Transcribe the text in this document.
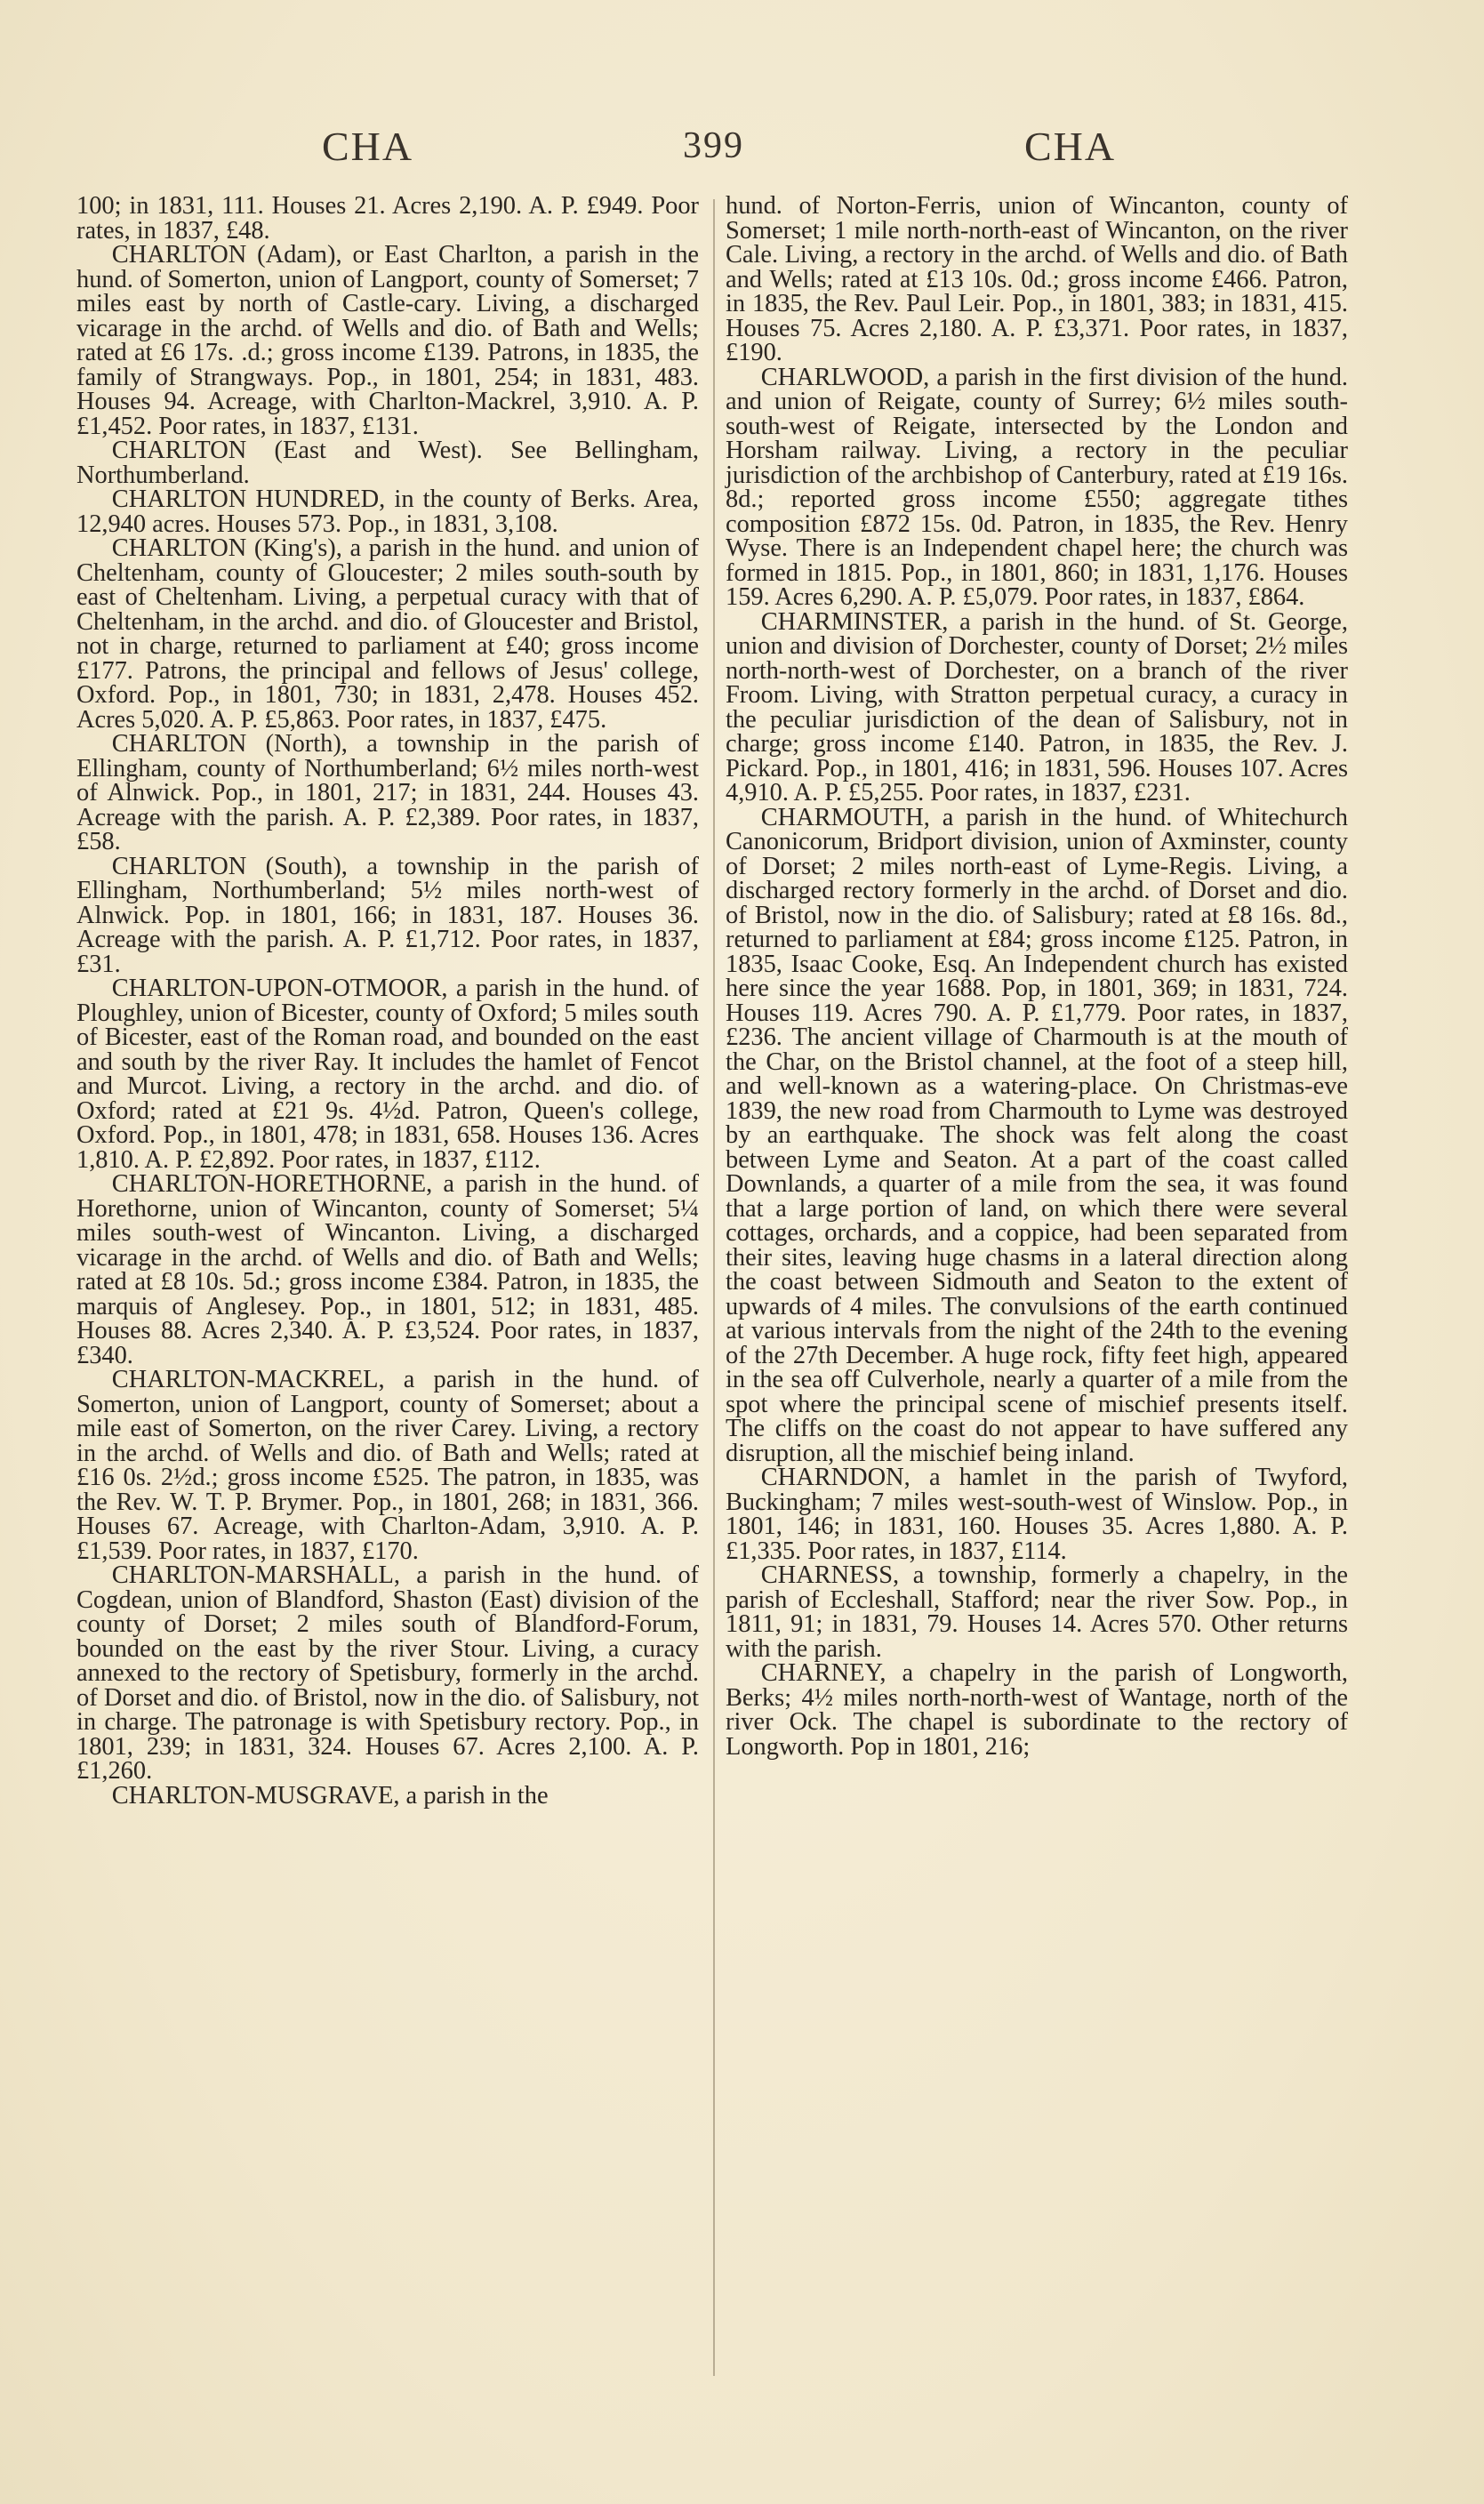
CHA	399	CHA

100; in 1831, 111. Houses 21. Acres 2,190. A. P. £949. Poor rates, in 1837, £48.

CHARLTON (Adam), or East Charlton, a parish in the hund. of Somerton, union of Langport, county of Somerset; 7 miles east by north of Castle-cary. Living, a discharged vicarage in the archd. of Wells and dio. of Bath and Wells; rated at £6 17s. .d.; gross income £139. Patrons, in 1835, the family of Strangways. Pop., in 1801, 254; in 1831, 483. Houses 94. Acreage, with Charlton-Mackrel, 3,910. A. P. £1,452. Poor rates, in 1837, £131.

CHARLTON (East and West). See Bellingham, Northumberland.

CHARLTON HUNDRED, in the county of Berks. Area, 12,940 acres. Houses 573. Pop., in 1831, 3,108.

CHARLTON (King's), a parish in the hund. and union of Cheltenham, county of Gloucester; 2 miles south-south by east of Cheltenham. Living, a perpetual curacy with that of Cheltenham, in the archd. and dio. of Gloucester and Bristol, not in charge, returned to parliament at £40; gross income £177. Patrons, the principal and fellows of Jesus' college, Oxford. Pop., in 1801, 730; in 1831, 2,478. Houses 452. Acres 5,020. A. P. £5,863. Poor rates, in 1837, £475.

CHARLTON (North), a township in the parish of Ellingham, county of Northumberland; 6½ miles north-west of Alnwick. Pop., in 1801, 217; in 1831, 244. Houses 43. Acreage with the parish. A. P. £2,389. Poor rates, in 1837, £58.

CHARLTON (South), a township in the parish of Ellingham, Northumberland; 5½ miles north-west of Alnwick. Pop. in 1801, 166; in 1831, 187. Houses 36. Acreage with the parish. A. P. £1,712. Poor rates, in 1837, £31.

CHARLTON-UPON-OTMOOR, a parish in the hund. of Ploughley, union of Bicester, county of Oxford; 5 miles south of Bicester, east of the Roman road, and bounded on the east and south by the river Ray. It includes the hamlet of Fencot and Murcot. Living, a rectory in the archd. and dio. of Oxford; rated at £21 9s. 4½d. Patron, Queen's college, Oxford. Pop., in 1801, 478; in 1831, 658. Houses 136. Acres 1,810. A. P. £2,892. Poor rates, in 1837, £112.

CHARLTON-HORETHORNE, a parish in the hund. of Horethorne, union of Wincanton, county of Somerset; 5¼ miles south-west of Wincanton. Living, a discharged vicarage in the archd. of Wells and dio. of Bath and Wells; rated at £8 10s. 5d.; gross income £384. Patron, in 1835, the marquis of Anglesey. Pop., in 1801, 512; in 1831, 485. Houses 88. Acres 2,340. A. P. £3,524. Poor rates, in 1837, £340.

CHARLTON-MACKREL, a parish in the hund. of Somerton, union of Langport, county of Somerset; about a mile east of Somerton, on the river Carey. Living, a rectory in the archd. of Wells and dio. of Bath and Wells; rated at £16 0s. 2½d.; gross income £525. The patron, in 1835, was the Rev. W. T. P. Brymer. Pop., in 1801, 268; in 1831, 366. Houses 67. Acreage, with Charlton-Adam, 3,910. A. P. £1,539. Poor rates, in 1837, £170.

CHARLTON-MARSHALL, a parish in the hund. of Cogdean, union of Blandford, Shaston (East) division of the county of Dorset; 2 miles south of Blandford-Forum, bounded on the east by the river Stour. Living, a curacy annexed to the rectory of Spetisbury, formerly in the archd. of Dorset and dio. of Bristol, now in the dio. of Salisbury, not in charge. The patronage is with Spetisbury rectory. Pop., in 1801, 239; in 1831, 324. Houses 67. Acres 2,100. A. P. £1,260.

CHARLTON-MUSGRAVE, a parish in the

hund. of Norton-Ferris, union of Wincanton, county of Somerset; 1 mile north-north-east of Wincanton, on the river Cale. Living, a rectory in the archd. of Wells and dio. of Bath and Wells; rated at £13 10s. 0d.; gross income £466. Patron, in 1835, the Rev. Paul Leir. Pop., in 1801, 383; in 1831, 415. Houses 75. Acres 2,180. A. P. £3,371. Poor rates, in 1837, £190.

CHARLWOOD, a parish in the first division of the hund. and union of Reigate, county of Surrey; 6½ miles south-south-west of Reigate, intersected by the London and Horsham railway. Living, a rectory in the peculiar jurisdiction of the archbishop of Canterbury, rated at £19 16s. 8d.; reported gross income £550; aggregate tithes composition £872 15s. 0d. Patron, in 1835, the Rev. Henry Wyse. There is an Independent chapel here; the church was formed in 1815. Pop., in 1801, 860; in 1831, 1,176. Houses 159. Acres 6,290. A. P. £5,079. Poor rates, in 1837, £864.

CHARMINSTER, a parish in the hund. of St. George, union and division of Dorchester, county of Dorset; 2½ miles north-north-west of Dorchester, on a branch of the river Froom. Living, with Stratton perpetual curacy, a curacy in the peculiar jurisdiction of the dean of Salisbury, not in charge; gross income £140. Patron, in 1835, the Rev. J. Pickard. Pop., in 1801, 416; in 1831, 596. Houses 107. Acres 4,910. A. P. £5,255. Poor rates, in 1837, £231.

CHARMOUTH, a parish in the hund. of Whitechurch Canonicorum, Bridport division, union of Axminster, county of Dorset; 2 miles north-east of Lyme-Regis. Living, a discharged rectory formerly in the archd. of Dorset and dio. of Bristol, now in the dio. of Salisbury; rated at £8 16s. 8d., returned to parliament at £84; gross income £125. Patron, in 1835, Isaac Cooke, Esq. An Independent church has existed here since the year 1688. Pop, in 1801, 369; in 1831, 724. Houses 119. Acres 790. A. P. £1,779. Poor rates, in 1837, £236. The ancient village of Charmouth is at the mouth of the Char, on the Bristol channel, at the foot of a steep hill, and well-known as a watering-place. On Christmas-eve 1839, the new road from Charmouth to Lyme was destroyed by an earthquake. The shock was felt along the coast between Lyme and Seaton. At a part of the coast called Downlands, a quarter of a mile from the sea, it was found that a large portion of land, on which there were several cottages, orchards, and a coppice, had been separated from their sites, leaving huge chasms in a lateral direction along the coast between Sidmouth and Seaton to the extent of upwards of 4 miles. The convulsions of the earth continued at various intervals from the night of the 24th to the evening of the 27th December. A huge rock, fifty feet high, appeared in the sea off Culverhole, nearly a quarter of a mile from the spot where the principal scene of mischief presents itself. The cliffs on the coast do not appear to have suffered any disruption, all the mischief being inland.

CHARNDON, a hamlet in the parish of Twyford, Buckingham; 7 miles west-south-west of Winslow. Pop., in 1801, 146; in 1831, 160. Houses 35. Acres 1,880. A. P. £1,335. Poor rates, in 1837, £114.

CHARNESS, a township, formerly a chapelry, in the parish of Eccleshall, Stafford; near the river Sow. Pop., in 1811, 91; in 1831, 79. Houses 14. Acres 570. Other returns with the parish.

CHARNEY, a chapelry in the parish of Longworth, Berks; 4½ miles north-north-west of Wantage, north of the river Ock. The chapel is subordinate to the rectory of Longworth. Pop in 1801, 216;
